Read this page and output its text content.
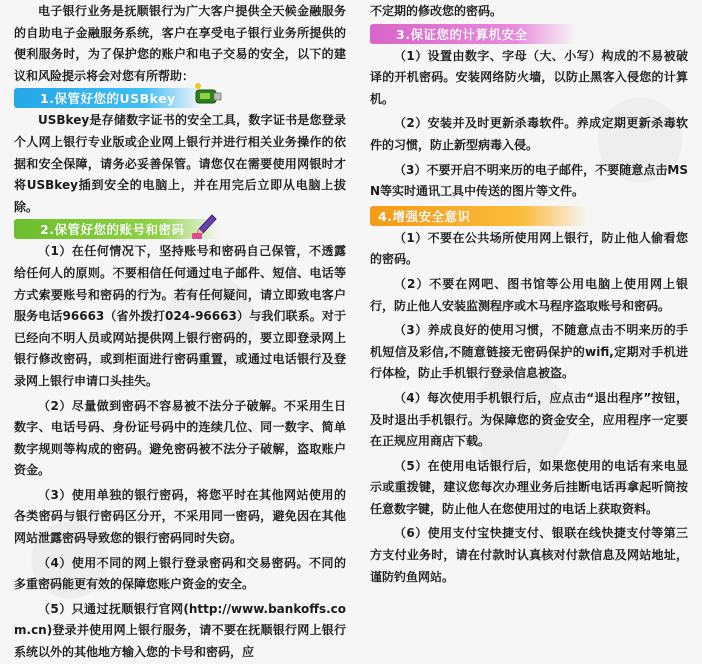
电子银行业务是抚顺银行为广大客户提供全天候金融服务的自助电子金融服务系统，客户在享受电子银行业务所提供的便利服务时，为了保护您的账户和电子交易的安全，以下的建议和风险提示将会对您有所帮助：

1.保管好您的USBkey

USBkey是存储数字证书的安全工具，数字证书是您登录个人网上银行专业版或企业网上银行并进行相关业务操作的依据和安全保障，请务必妥善保管。请您仅在需要使用网银时才将USBkey插到安全的电脑上，并在用完后立即从电脑上拔除。

2.保管好您的账号和密码

（1）在任何情况下，坚持账号和密码自己保管，不透露给任何人的原则。不要相信任何通过电子邮件、短信、电话等方式索要账号和密码的行为。若有任何疑问，请立即致电客户服务电话96663（省外拨打024-96663）与我们联系。对于已经向不明人员或网站提供网上银行密码的，要立即登录网上银行修改密码，或到柜面进行密码重置，或通过电话银行及登录网上银行申请口头挂失。

（2）尽量做到密码不容易被不法分子破解。不采用生日数字、电话号码、身份证号码中的连续几位、同一数字、简单数字规则等构成的密码。避免密码被不法分子破解，盗取账户资金。

（3）使用单独的银行密码，将您平时在其他网站使用的各类密码与银行密码区分开，不采用同一密码，避免因在其他网站泄露密码导致您的银行密码同时失窃。

（4）使用不同的网上银行登录密码和交易密码。不同的多重密码能更有效的保障您账户资金的安全。

（5）只通过抚顺银行官网(http://www.bankoffs.com.cn)登录并使用网上银行服务，请不要在抚顺银行网上银行系统以外的其他地方输入您的卡号和密码，应

不定期的修改您的密码。

3.保证您的计算机安全

（1）设置由数字、字母（大、小写）构成的不易被破译的开机密码。安装网络防火墙，以防止黑客入侵您的计算机。

（2）安装并及时更新杀毒软件。养成定期更新杀毒软件的习惯，防止新型病毒入侵。

（3）不要开启不明来历的电子邮件，不要随意点击MSN等实时通讯工具中传送的图片等文件。

4.增强安全意识

（1）不要在公共场所使用网上银行，防止他人偷看您的密码。

（2）不要在网吧、图书馆等公用电脑上使用网上银行，防止他人安装监测程序或木马程序盗取账号和密码。

（3）养成良好的使用习惯，不随意点击不明来历的手机短信及彩信,不随意链接无密码保护的wifi,定期对手机进行体检，防止手机银行登录信息被盗。

（4）每次使用手机银行后，应点击“退出程序”按钮，及时退出手机银行。为保障您的资金安全，应用程序一定要在正规应用商店下载。

（5）在使用电话银行后，如果您使用的电话有来电显示或重拨键，建议您每次办理业务后挂断电话再拿起听筒按任意数字键，防止他人在您使用过的电话上获取资料。

（6）使用支付宝快捷支付、银联在线快捷支付等第三方支付业务时，请在付款时认真核对付款信息及网站地址，谨防钓鱼网站。
